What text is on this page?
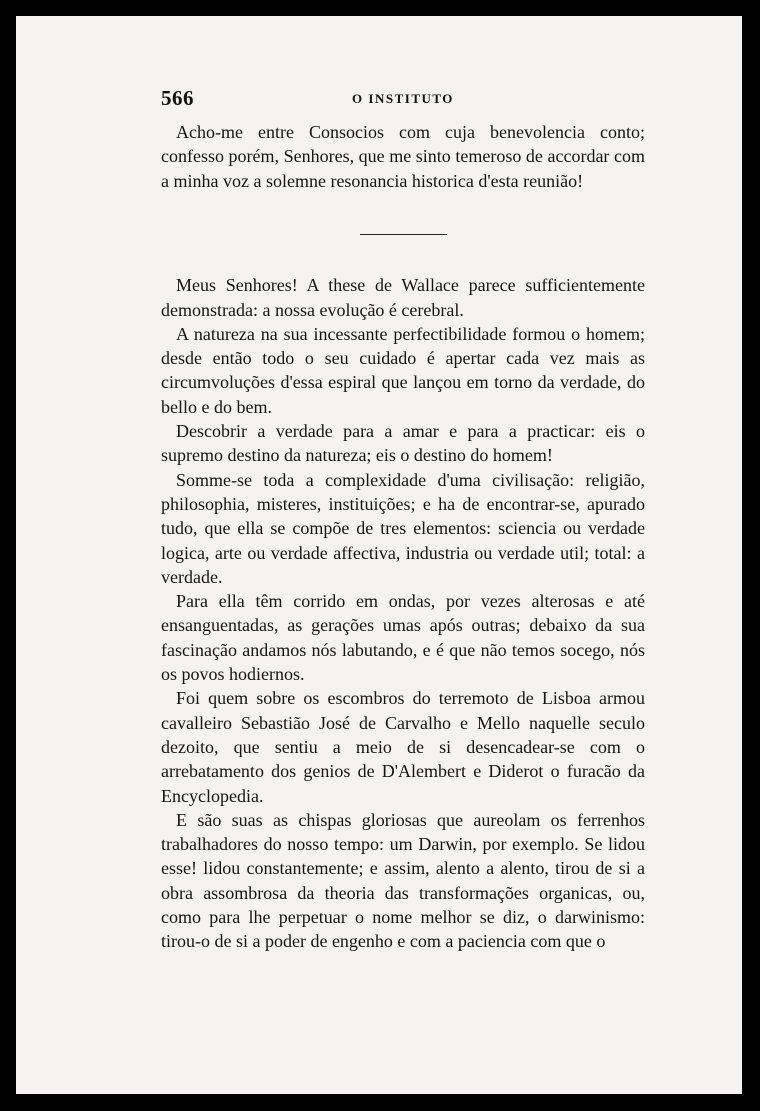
566	O INSTITUTO

Acho-me entre Consocios com cuja benevolencia conto; confesso porém, Senhores, que me sinto temeroso de accordar com a minha voz a solemne resonancia historica d'esta reunião!

Meus Senhores! A these de Wallace parece sufficientemente demonstrada: a nossa evolução é cerebral.

A natureza na sua incessante perfectibilidade formou o homem; desde então todo o seu cuidado é apertar cada vez mais as circumvoluções d'essa espiral que lançou em torno da verdade, do bello e do bem.

Descobrir a verdade para a amar e para a practicar: eis o supremo destino da natureza; eis o destino do homem!

Somme-se toda a complexidade d'uma civilisação: religião, philosophia, misteres, instituições; e ha de encontrar-se, apurado tudo, que ella se compõe de tres elementos: sciencia ou verdade logica, arte ou verdade affectiva, industria ou verdade util; total: a verdade.

Para ella têm corrido em ondas, por vezes alterosas e até ensanguentadas, as gerações umas após outras; debaixo da sua fascinação andamos nós labutando, e é que não temos socego, nós os povos hodiernos.

Foi quem sobre os escombros do terremoto de Lisboa armou cavalleiro Sebastião José de Carvalho e Mello naquelle seculo dezoito, que sentiu a meio de si desencadear-se com o arrebatamento dos genios de D'Alembert e Diderot o furacão da Encyclopedia.

E são suas as chispas gloriosas que aureolam os ferrenhos trabalhadores do nosso tempo: um Darwin, por exemplo. Se lidou esse! lidou constantemente; e assim, alento a alento, tirou de si a obra assombrosa da theoria das transformações organicas, ou, como para lhe perpetuar o nome melhor se diz, o darwinismo: tirou-o de si a poder de engenho e com a paciencia com que o
